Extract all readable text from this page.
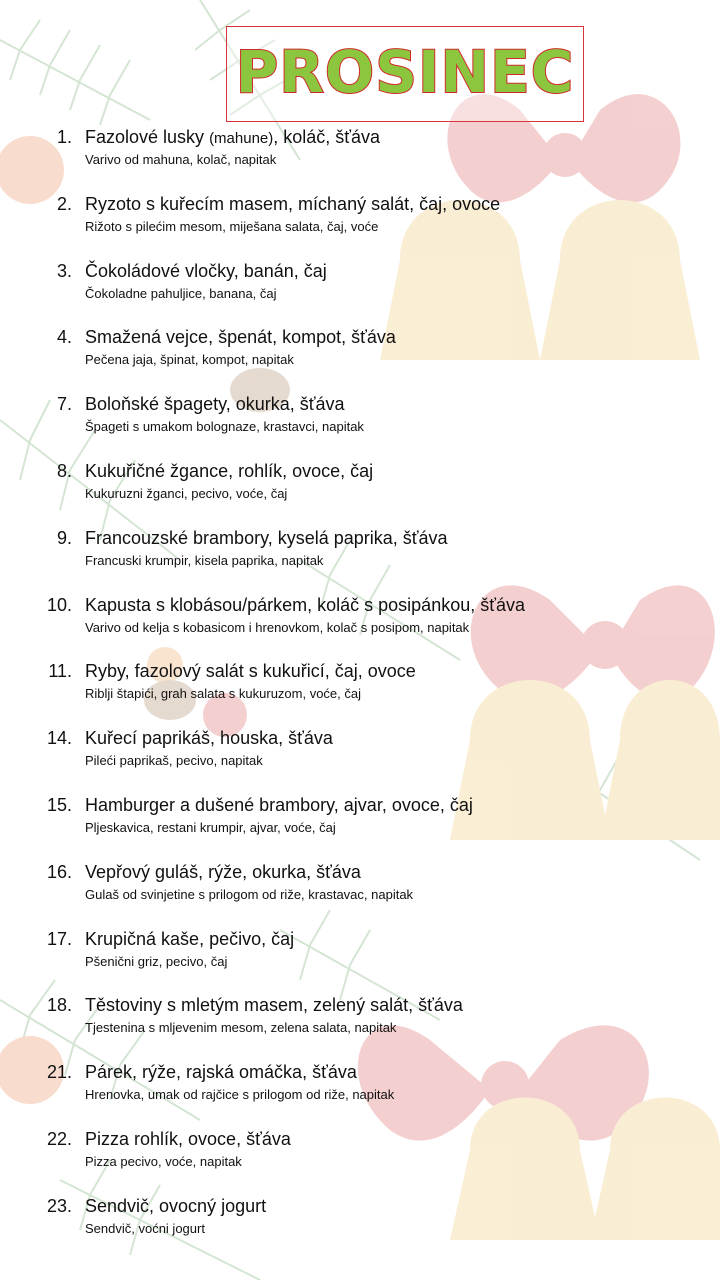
PROSINEC
1. Fazolové lusky (mahune), koláč, šťáva
Varivo od mahuna, kolač, napitak
2. Ryzoto s kuřecím masem, míchaný salát, čaj, ovoce
Rižoto s pilećim mesom, miješana salata, čaj, voće
3. Čokoládové vločky, banán, čaj
Čokoladne pahuljice, banana, čaj
4. Smažená vejce, špenát, kompot, šťáva
Pečena jaja, špinat, kompot, napitak
7. Boloňské špagety, okurka, šťáva
Špageti s umakom bolognaze, krastavci, napitak
8. Kukuřičné žgance, rohlík, ovoce, čaj
Kukuruzni žganci, pecivo, voće, čaj
9. Francouzské brambory, kyselá paprika, šťáva
Francuski krumpir, kisela paprika, napitak
10. Kapusta s klobásou/párkem, koláč s posipánkou, šťáva
Varivo od kelja s kobasicom i hrenovkom, kolač s posipom, napitak
11. Ryby, fazolový salát s kukuřicí, čaj, ovoce
Riblji štapići, grah salata s kukuruzom, voće, čaj
14. Kuřecí paprikáš, houska, šťáva
Pileći paprikaš, pecivo, napitak
15. Hamburger a dušené brambory, ajvar, ovoce, čaj
Pljeskavica, restani krumpir, ajvar, voće, čaj
16. Vepřový guláš, rýže, okurka, šťáva
Gulaš od svinjetine s prilogom od riže, krastavac, napitak
17. Krupičná kaše, pečivo, čaj
Pšenični griz, pecivo, čaj
18. Těstoviny s mletým masem, zelený salát, šťáva
Tjestenina s mljevenim mesom, zelena salata, napitak
21. Párek, rýže, rajská omáčka, šťáva
Hrenovka, umak od rajčice s prilogom od riže, napitak
22. Pizza rohlík, ovoce, šťáva
Pizza pecivo, voće, napitak
23. Sendvič, ovocný jogurt
Sendvič, voćni jogurt
